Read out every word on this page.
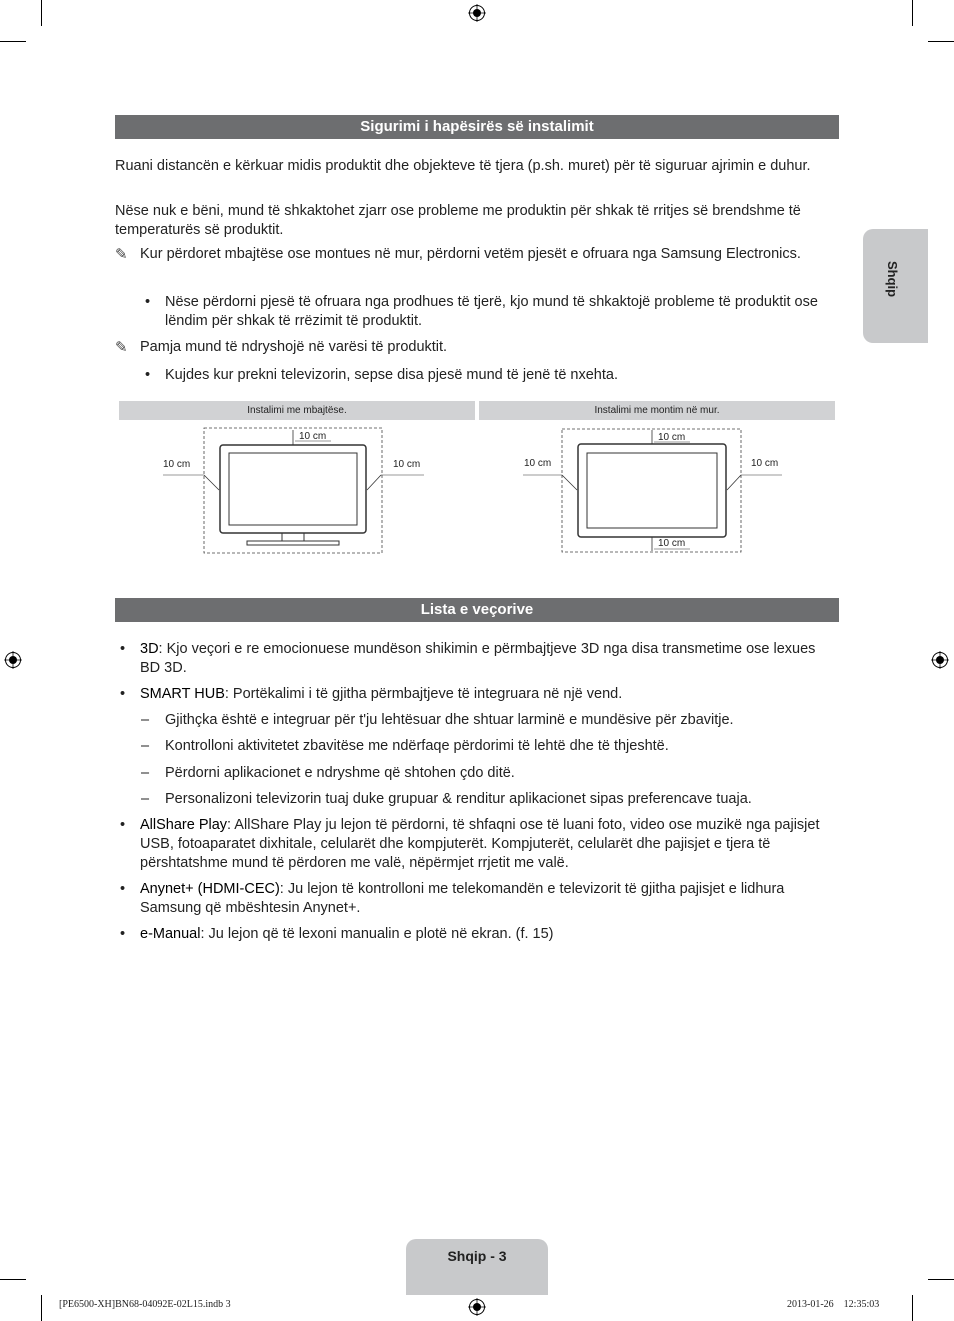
Shqip
Sigurimi i hapësirës së instalimit

Ruani distancën e kërkuar midis produktit dhe objekteve të tjera (p.sh. muret) për të siguruar ajrimin e duhur.

Nëse nuk e bëni, mund të shkaktohet zjarr ose probleme me produktin për shkak të rritjes së brendshme të temperaturës së produktit.

✎ Kur përdoret mbajtëse ose montues në mur, përdorni vetëm pjesët e ofruara nga Samsung Electronics.
• Nëse përdorni pjesë të ofruara nga prodhues të tjerë, kjo mund të shkaktojë probleme të produktit ose lëndim për shkak të rrëzimit të produktit.
✎ Pamja mund të ndryshojë në varësi të produktit.
• Kujdes kur prekni televizorin, sepse disa pjesë mund të jenë të nxehta.
Instalimi me mbajtëse.	Instalimi me montim në mur.
10 cm
10 cm	10 cm
10 cm
10 cm	10 cm
10 cm
Lista e veçorive
• 3D: Kjo veçori e re emocionuese mundëson shikimin e përmbajtjeve 3D nga disa transmetime ose lexues BD 3D.
• SMART HUB: Portëkalimi i të gjitha përmbajtjeve të integruara në një vend.
– Gjithçka është e integruar për t'ju lehtësuar dhe shtuar larminë e mundësive për zbavitje.
– Kontrolloni aktivitetet zbavitëse me ndërfaqe përdorimi të lehtë dhe të thjeshtë.
– Përdorni aplikacionet e ndryshme që shtohen çdo ditë.
– Personalizoni televizorin tuaj duke grupuar & renditur aplikacionet sipas preferencave tuaja.
• AllShare Play: AllShare Play ju lejon të përdorni, të shfaqni ose të luani foto, video ose muzikë nga pajisjet USB, fotoaparatet dixhitale, celularët dhe kompjuterët. Kompjuterët, celularët dhe pajisjet e tjera të përshtatshme mund të përdoren me valë, nëpërmjet rrjetit me valë.
• Anynet+ (HDMI-CEC): Ju lejon të kontrolloni me telekomandën e televizorit të gjitha pajisjet e lidhura Samsung që mbështesin Anynet+.
• e-Manual: Ju lejon që të lexoni manualin e plotë në ekran. (f. 15)
Shqip - 3
[PE6500-XH]BN68-04092E-02L15.indb 3	2013-01-26   12:35:03
